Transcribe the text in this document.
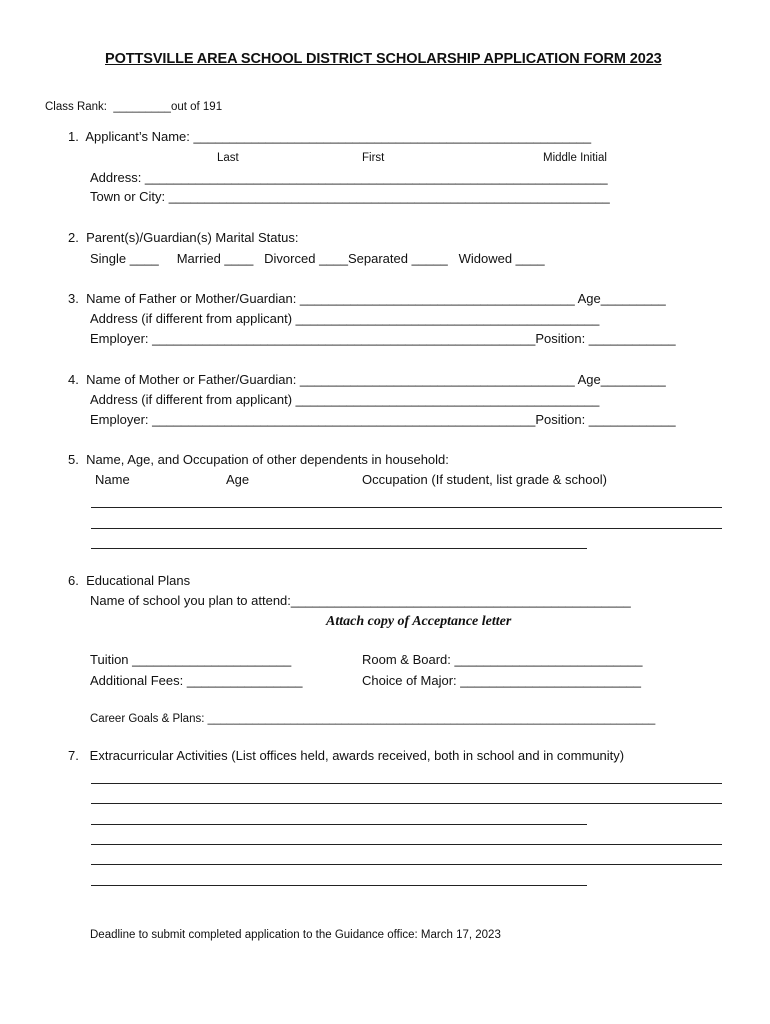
POTTSVILLE AREA SCHOOL DISTRICT SCHOLARSHIP APPLICATION FORM 2023
Class Rank:  _________out of 191
1.  Applicant’s Name: _______________________________________________________
Last	First	Middle Initial
Address: ________________________________________________________________
Town or City: _____________________________________________________________
2.  Parent(s)/Guardian(s) Marital Status:
Single ____     Married ____   Divorced ____Separated _____   Widowed ____
3.  Name of Father or Mother/Guardian: ______________________________________ Age_________
Address (if different from applicant) __________________________________________
Employer: _____________________________________________________Position: ____________
4.  Name of Mother or Father/Guardian: ______________________________________ Age_________
Address (if different from applicant) __________________________________________
Employer: _____________________________________________________Position: ____________
5.  Name, Age, and Occupation of other dependents in household:
Name	Age	Occupation (If student, list grade & school)
6.  Educational Plans
Name of school you plan to attend:_______________________________________________
Attach copy of Acceptance letter
Tuition ______________________	Room & Board: __________________________
Additional Fees: ________________	Choice of Major: _________________________
Career Goals & Plans: ______________________________________________________________________
7.   Extracurricular Activities (List offices held, awards received, both in school and in community)
Deadline to submit completed application to the Guidance office: March 17, 2023
